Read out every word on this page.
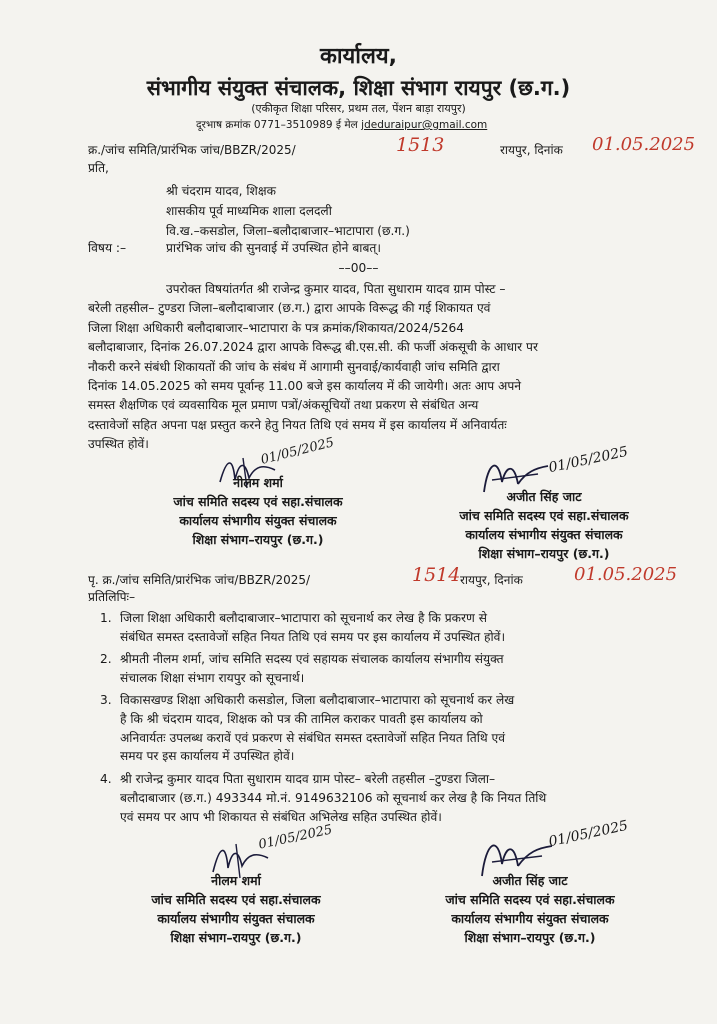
कार्यालय,
संभागीय संयुक्त संचालक, शिक्षा संभाग रायपुर (छ.ग.)
(एकीकृत शिक्षा परिसर, प्रथम तल, पेंशन बाड़ा रायपुर)
दूरभाष क्रमांक 0771–3510989 ई मेल jdeduraipur@gmail.com
क्र./जांच समिति/प्रारंभिक जांच/BBZR/2025/	1513	रायपुर, दिनांक 01.05.2025
प्रति,
श्री चंदराम यादव, शिक्षक
शासकीय पूर्व माध्यमिक शाला दलदली
वि.ख.–कसडोल, जिला–बलौदाबाजार–भाटापारा (छ.ग.)
विषय :–	प्रारंभिक जांच की सुनवाई में उपस्थित होने बाबत्।
––00––
उपरोक्त विषयांतर्गत श्री राजेन्द्र कुमार यादव, पिता सुधाराम यादव ग्राम पोस्ट –
बरेली तहसील– टुण्डरा जिला–बलौदाबाजार (छ.ग.) द्वारा आपके विरूद्ध की गई शिकायत एवं
जिला शिक्षा अधिकारी बलौदाबाजार–भाटापारा के पत्र क्रमांक/शिकायत/2024/5264
बलौदाबाजार, दिनांक 26.07.2024 द्वारा आपके विरूद्ध बी.एस.सी. की फर्जी अंकसूची के आधार पर
नौकरी करने संबंधी शिकायतों की जांच के संबंध में आगामी सुनवाई/कार्यवाही जांच समिति द्वारा
दिनांक 14.05.2025 को समय पूर्वान्ह 11.00 बजे इस कार्यालय में की जायेगी। अतः आप अपने
समस्त शैक्षणिक एवं व्यवसायिक मूल प्रमाण पत्रों/अंकसूचियों तथा प्रकरण से संबंधित अन्य
दस्तावेजों सहित अपना पक्ष प्रस्तुत करने हेतु नियत तिथि एवं समय में इस कार्यालय में अनिवार्यतः
उपस्थित होवें।	01/05/2025	01/05/2025
नीलम शर्मा
जांच समिति सदस्य एवं सहा.संचालक
कार्यालय संभागीय संयुक्त संचालक
शिक्षा संभाग–रायपुर (छ.ग.)
अजीत सिंह जाट
जांच समिति सदस्य एवं सहा.संचालक
कार्यालय संभागीय संयुक्त संचालक
शिक्षा संभाग–रायपुर (छ.ग.)
पृ. क्र./जांच समिति/प्रारंभिक जांच/BBZR/2025/	1514 रायपुर, दिनांक	01.05.2025
प्रतिलिपिः–
1. जिला शिक्षा अधिकारी बलौदाबाजार–भाटापारा को सूचनार्थ कर लेख है कि प्रकरण से
संबंधित समस्त दस्तावेजों सहित नियत तिथि एवं समय पर इस कार्यालय में उपस्थित होवें।
2. श्रीमती नीलम शर्मा, जांच समिति सदस्य एवं सहायक संचालक कार्यालय संभागीय संयुक्त
संचालक शिक्षा संभाग रायपुर को सूचनार्थ।
3. विकासखण्ड शिक्षा अधिकारी कसडोल, जिला बलौदाबाजार–भाटापारा को सूचनार्थ कर लेख
है कि श्री चंदराम यादव, शिक्षक को पत्र की तामिल कराकर पावती इस कार्यालय को
अनिवार्यतः उपलब्ध करावें एवं प्रकरण से संबंधित समस्त दस्तावेजों सहित नियत तिथि एवं
समय पर इस कार्यालय में उपस्थित होवें।
4. श्री राजेन्द्र कुमार यादव पिता सुधाराम यादव ग्राम पोस्ट– बरेली तहसील –टुण्डरा जिला–
बलौदाबाजार (छ.ग.) 493344 मो.नं. 9149632106 को सूचनार्थ कर लेख है कि नियत तिथि
एवं समय पर आप भी शिकायत से संबंधित अभिलेख सहित उपस्थित होवें।
01/05/2025	01/05/2025
नीलम शर्मा
जांच समिति सदस्य एवं सहा.संचालक
कार्यालय संभागीय संयुक्त संचालक
शिक्षा संभाग–रायपुर (छ.ग.)
अजीत सिंह जाट
जांच समिति सदस्य एवं सहा.संचालक
कार्यालय संभागीय संयुक्त संचालक
शिक्षा संभाग–रायपुर (छ.ग.)
